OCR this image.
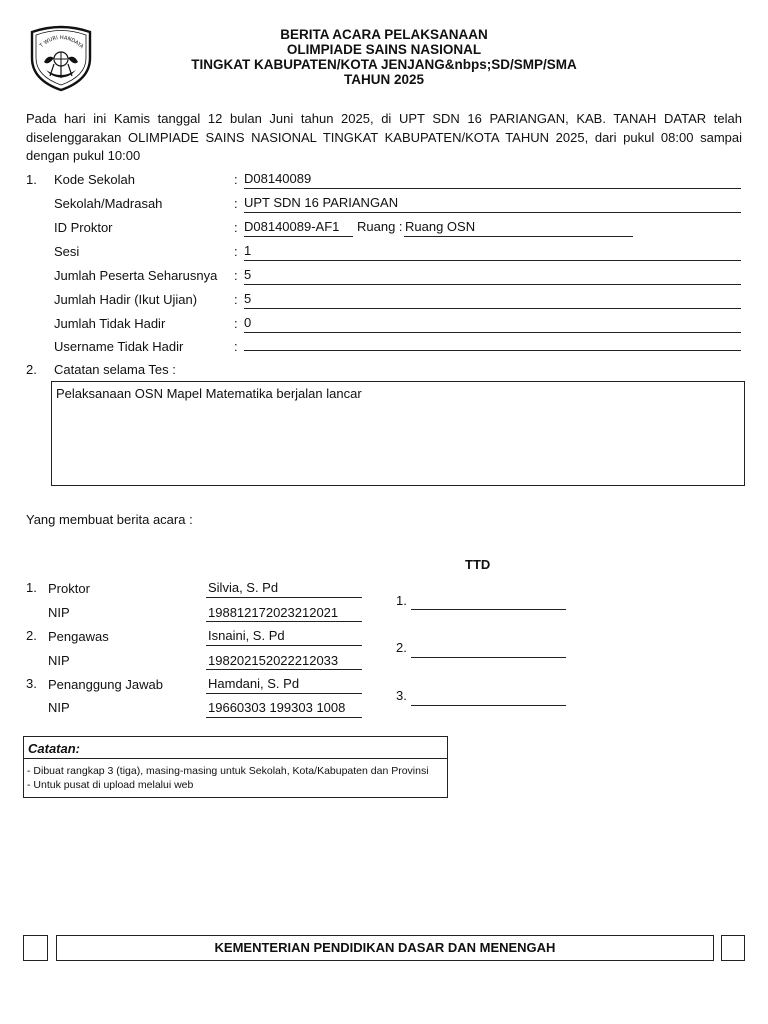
T WURI HANDAYA
BERITA ACARA PELAKSANAAN
OLIMPIADE SAINS NASIONAL
TINGKAT KABUPATEN/KOTA JENJANG&nbps;SD/SMP/SMA
TAHUN 2025
Pada hari ini Kamis tanggal 12 bulan Juni tahun 2025, di UPT SDN 16 PARIANGAN, KAB. TANAH DATAR telah diselenggarakan OLIMPIADE SAINS NASIONAL TINGKAT KABUPATEN/KOTA TAHUN 2025, dari pukul 08:00 sampai dengan pukul 10:00
1. Kode Sekolah	: D08140089
Sekolah/Madrasah	: UPT SDN 16 PARIANGAN
ID Proktor	: D08140089-AF1 Ruang : Ruang OSN
Sesi	: 1
Jumlah Peserta Seharusnya : 5
Jumlah Hadir (Ikut Ujian)	: 5
Jumlah Tidak Hadir	: 0
Username Tidak Hadir	:
2. Catatan selama Tes :
Pelaksanaan OSN Mapel Matematika berjalan lancar
Yang membuat berita acara :
TTD
1. Proktor	Silvia, S. Pd
NIP	198812172023212021
1.
2. Pengawas	Isnaini, S. Pd
NIP	198202152022212033
2.
3. Penanggung Jawab	Hamdani, S. Pd
NIP	19660303 199303 1008
3.
Catatan:
- Dibuat rangkap 3 (tiga), masing-masing untuk Sekolah, Kota/Kabupaten dan Provinsi
- Untuk pusat di upload melalui web
KEMENTERIAN PENDIDIKAN DASAR DAN MENENGAH
